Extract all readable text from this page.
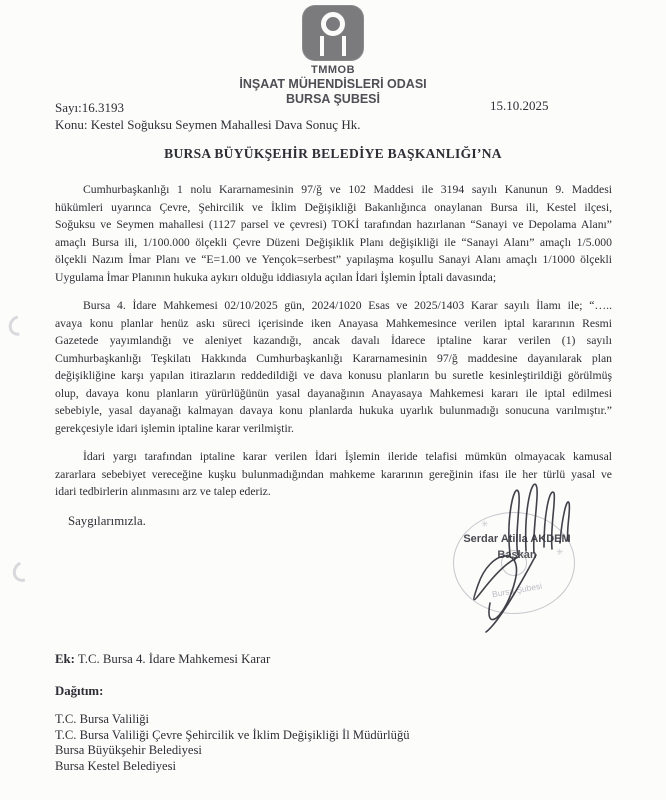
TMMOB
İNŞAAT MÜHENDİSLERİ ODASI
BURSA ŞUBESİ
Sayı:16.3193
Konu: Kestel Soğuksu Seymen Mahallesi Dava Sonuç Hk.
15.10.2025
BURSA BÜYÜKŞEHİR BELEDİYE BAŞKANLIĞI’NA
Cumhurbaşkanlığı 1 nolu Kararnamesinin 97/ğ ve 102 Maddesi ile 3194 sayılı Kanunun 9. Maddesi
hükümleri uyarınca Çevre, Şehircilik ve İklim Değişikliği Bakanlığınca onaylanan Bursa ili, Kestel ilçesi,
Soğuksu ve Seymen mahallesi (1127 parsel ve çevresi) TOKİ tarafından hazırlanan “Sanayi ve Depolama Alanı”
amaçlı Bursa ili, 1/100.000 ölçekli Çevre Düzeni Değişiklik Planı değişikliği ile “Sanayi Alanı” amaçlı 1/5.000
ölçekli Nazım İmar Planı ve “E=1.00 ve Yençok=serbest” yapılaşma koşullu Sanayi Alanı amaçlı 1/1000 ölçekli
Uygulama İmar Planının hukuka aykırı olduğu iddiasıyla açılan İdari İşlemin İptali davasında;
Bursa 4. İdare Mahkemesi 02/10/2025 gün, 2024/1020 Esas ve 2025/1403 Karar sayılı İlamı ile; “…..
avaya konu planlar henüz askı süreci içerisinde iken Anayasa Mahkemesince verilen iptal kararının Resmi
Gazetede yayımlandığı ve aleniyet kazandığı, ancak davalı İdarece iptaline karar verilen (1) sayılı
Cumhurbaşkanlığı Teşkilatı Hakkında Cumhurbaşkanlığı Kararnamesinin 97/ğ maddesine dayanılarak plan
değişikliğine karşı yapılan itirazların reddedildiği ve dava konusu planların bu suretle kesinleştirildiği görülmüş
olup, davaya konu planların yürürlüğünün yasal dayanağının Anayasaya Mahkemesi kararı ile iptal edilmesi
sebebiyle, yasal dayanağı kalmayan davaya konu planlarda hukuka uyarlık bulunmadığı sonucuna varılmıştır.”
gerekçesiyle idari işlemin iptaline karar verilmiştir.
İdari yargı tarafından iptaline karar verilen İdari İşlemin ileride telafisi mümkün olmayacak kamusal
zararlara sebebiyet vereceğine kuşku bulunmadığından mahkeme kararının gereğinin ifası ile her türlü yasal ve
idari tedbirlerin alınmasını arz ve talep ederiz.
Saygılarımızla.
Bursa Şubesi
✳
✳
Serdar Atilla AKDEM
Başkan
Ek: T.C. Bursa 4. İdare Mahkemesi Karar
Dağıtım:
T.C. Bursa Valiliği
T.C. Bursa Valiliği Çevre Şehircilik ve İklim Değişikliği İl Müdürlüğü
Bursa Büyükşehir Belediyesi
Bursa Kestel Belediyesi
